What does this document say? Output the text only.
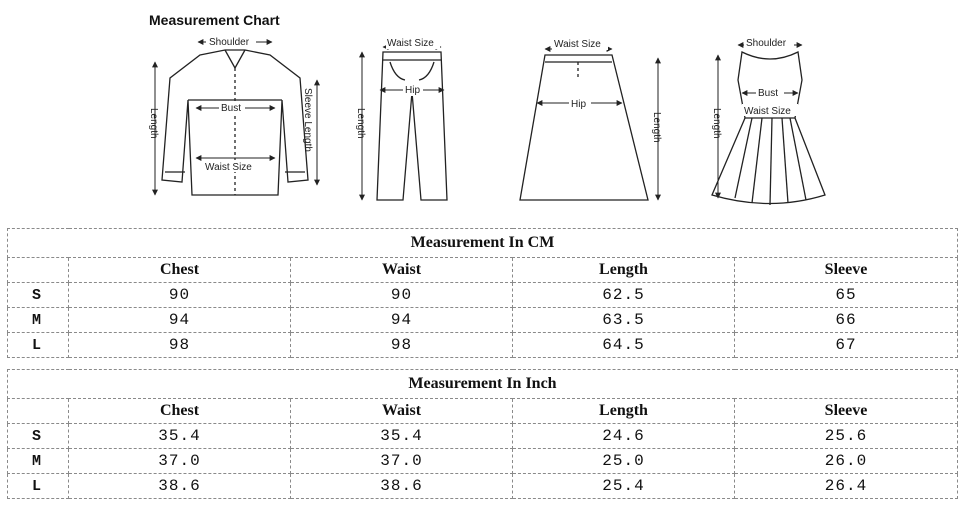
Measurement Chart
Shoulder
Bust
Waist Size
Length	Sleeve Length
Waist Size
Hip
Length
Waist Size
Hip
Length
Shoulder
Bust
Waist Size
Length
Measurement In CM				
	Chest	Waist	Length	Sleeve
S	90	90	62.5	65
M	94	94	63.5	66
L	98	98	64.5	67
Measurement In Inch				
	Chest	Waist	Length	Sleeve
S	35.4	35.4	24.6	25.6
M	37.0	37.0	25.0	26.0
L	38.6	38.6	25.4	26.4
